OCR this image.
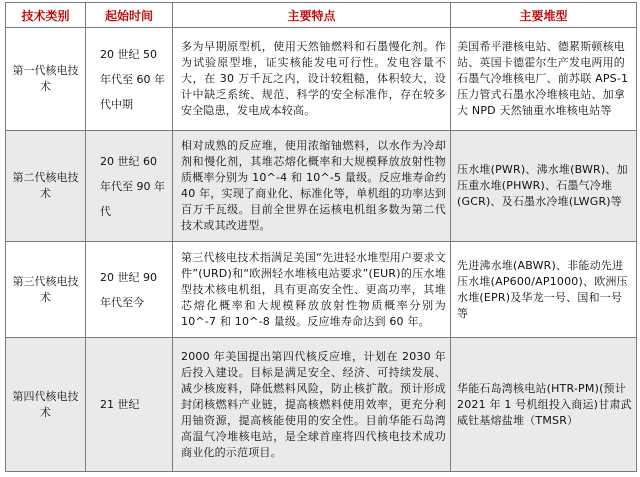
技术类别	起始时间	主要特点	主要堆型
第一代核电技术	20 世纪 50 年代至 60 年代中期	多为早期原型机，使用天然铀燃料和石墨慢化剂。作为试验原型堆，证实核能发电可行性。发电容量不大，在 30 万千瓦之内，设计较粗糙，体积较大，设计中缺乏系统、规范、科学的安全标准作，存在较多安全隐患，发电成本较高。	美国希平港核电站、德累斯顿核电站、英国卡德霍尔生产发电两用的石墨气冷堆核电厂、前苏联 APS-1 压力管式石墨水冷堆核电站、加拿大 NPD 天然铀重水堆核电站等
第二代核电技术	20 世纪 60 年代至 90 年代	相对成熟的反应堆，使用浓缩铀燃料，以水作为冷却剂和慢化剂，其堆芯熔化概率和大规模释放放射性物质概率分别为 10^-4 和 10^-5 量级。反应堆寿命约 40 年，实现了商业化、标准化等，单机组的功率达到百万千瓦级。目前全世界在运核电机组多数为第二代技术或其改进型。	压水堆(PWR)、沸水堆(BWR)、加压重水堆(PHWR)、石墨气冷堆(GCR)、及石墨水冷堆(LWGR)等
第三代核电技术	20 世纪 90 年代至今	第三代核电技术指满足美国“先进轻水堆型用户要求文件”(URD)和“欧洲轻水堆核电站要求”(EUR)的压水堆型技术核电机组，具有更高安全性、更高功率，其堆芯熔化概率和大规模释放放射性物质概率分别为 10^-7 和 10^-8 量级。反应堆寿命达到 60 年。	先进沸水堆(ABWR)、非能动先进压水堆(AP600/AP1000)、欧洲压水堆(EPR)及华龙一号、国和一号等
第四代核电技术	21 世纪	2000 年美国提出第四代核反应堆，计划在 2030 年后投入建设。目标是满足安全、经济、可持续发展、减少核废料，降低燃料风险，防止核扩散。预计形成封闭核燃料产业链，提高核燃料使用效率，更充分利用铀资源，提高核能使用的安全性。目前华能石岛湾高温气冷堆核电站，是全球首座将四代核电技术成功商业化的示范项目。	华能石岛湾核电站(HTR-PM)(预计 2021 年 1 号机组投入商运)甘肃武威钍基熔盐堆（TMSR）
